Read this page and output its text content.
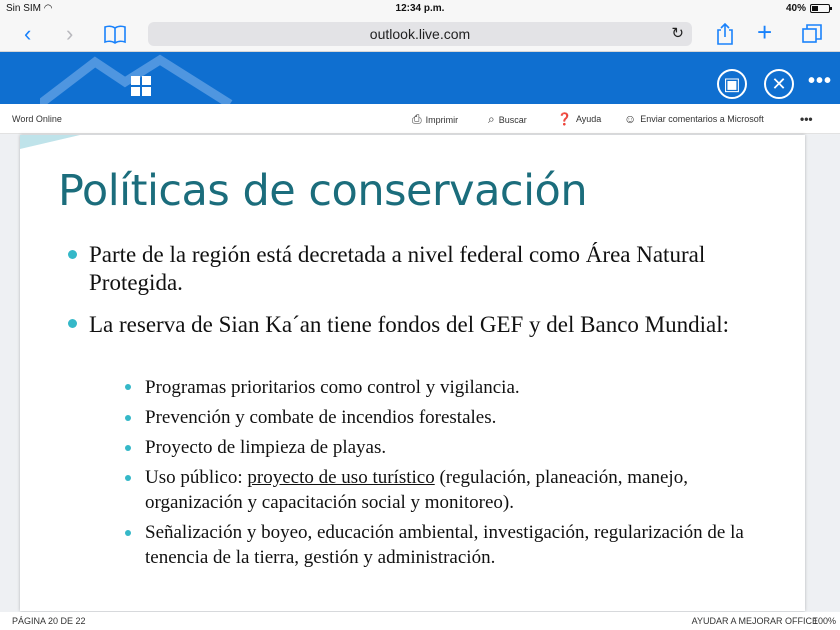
Sin SIM ◠	12:34 p.m.	40%
‹ ›	outlook.live.com	↻	+
▣	✕	•••
Word Online	⎙ Imprimir ⌕ Buscar	❓ Ayuda ☺ Enviar comentarios a Microsoft	•••
Políticas de conservación
Parte de la región está decretada a nivel federal como Área Natural Protegida.
La reserva de Sian Ka´an tiene fondos del GEF y del Banco Mundial:
Programas prioritarios como control y vigilancia.
Prevención y combate de incendios forestales.
Proyecto de limpieza de playas.
Uso público: proyecto de uso turístico (regulación, planeación, manejo, organización y capacitación social y monitoreo).
Señalización y boyeo, educación ambiental, investigación, regularización de la tenencia de la tierra, gestión y administración.
PÁGINA 20 DE 22	AYUDAR A MEJORAR OFFICE
100%
